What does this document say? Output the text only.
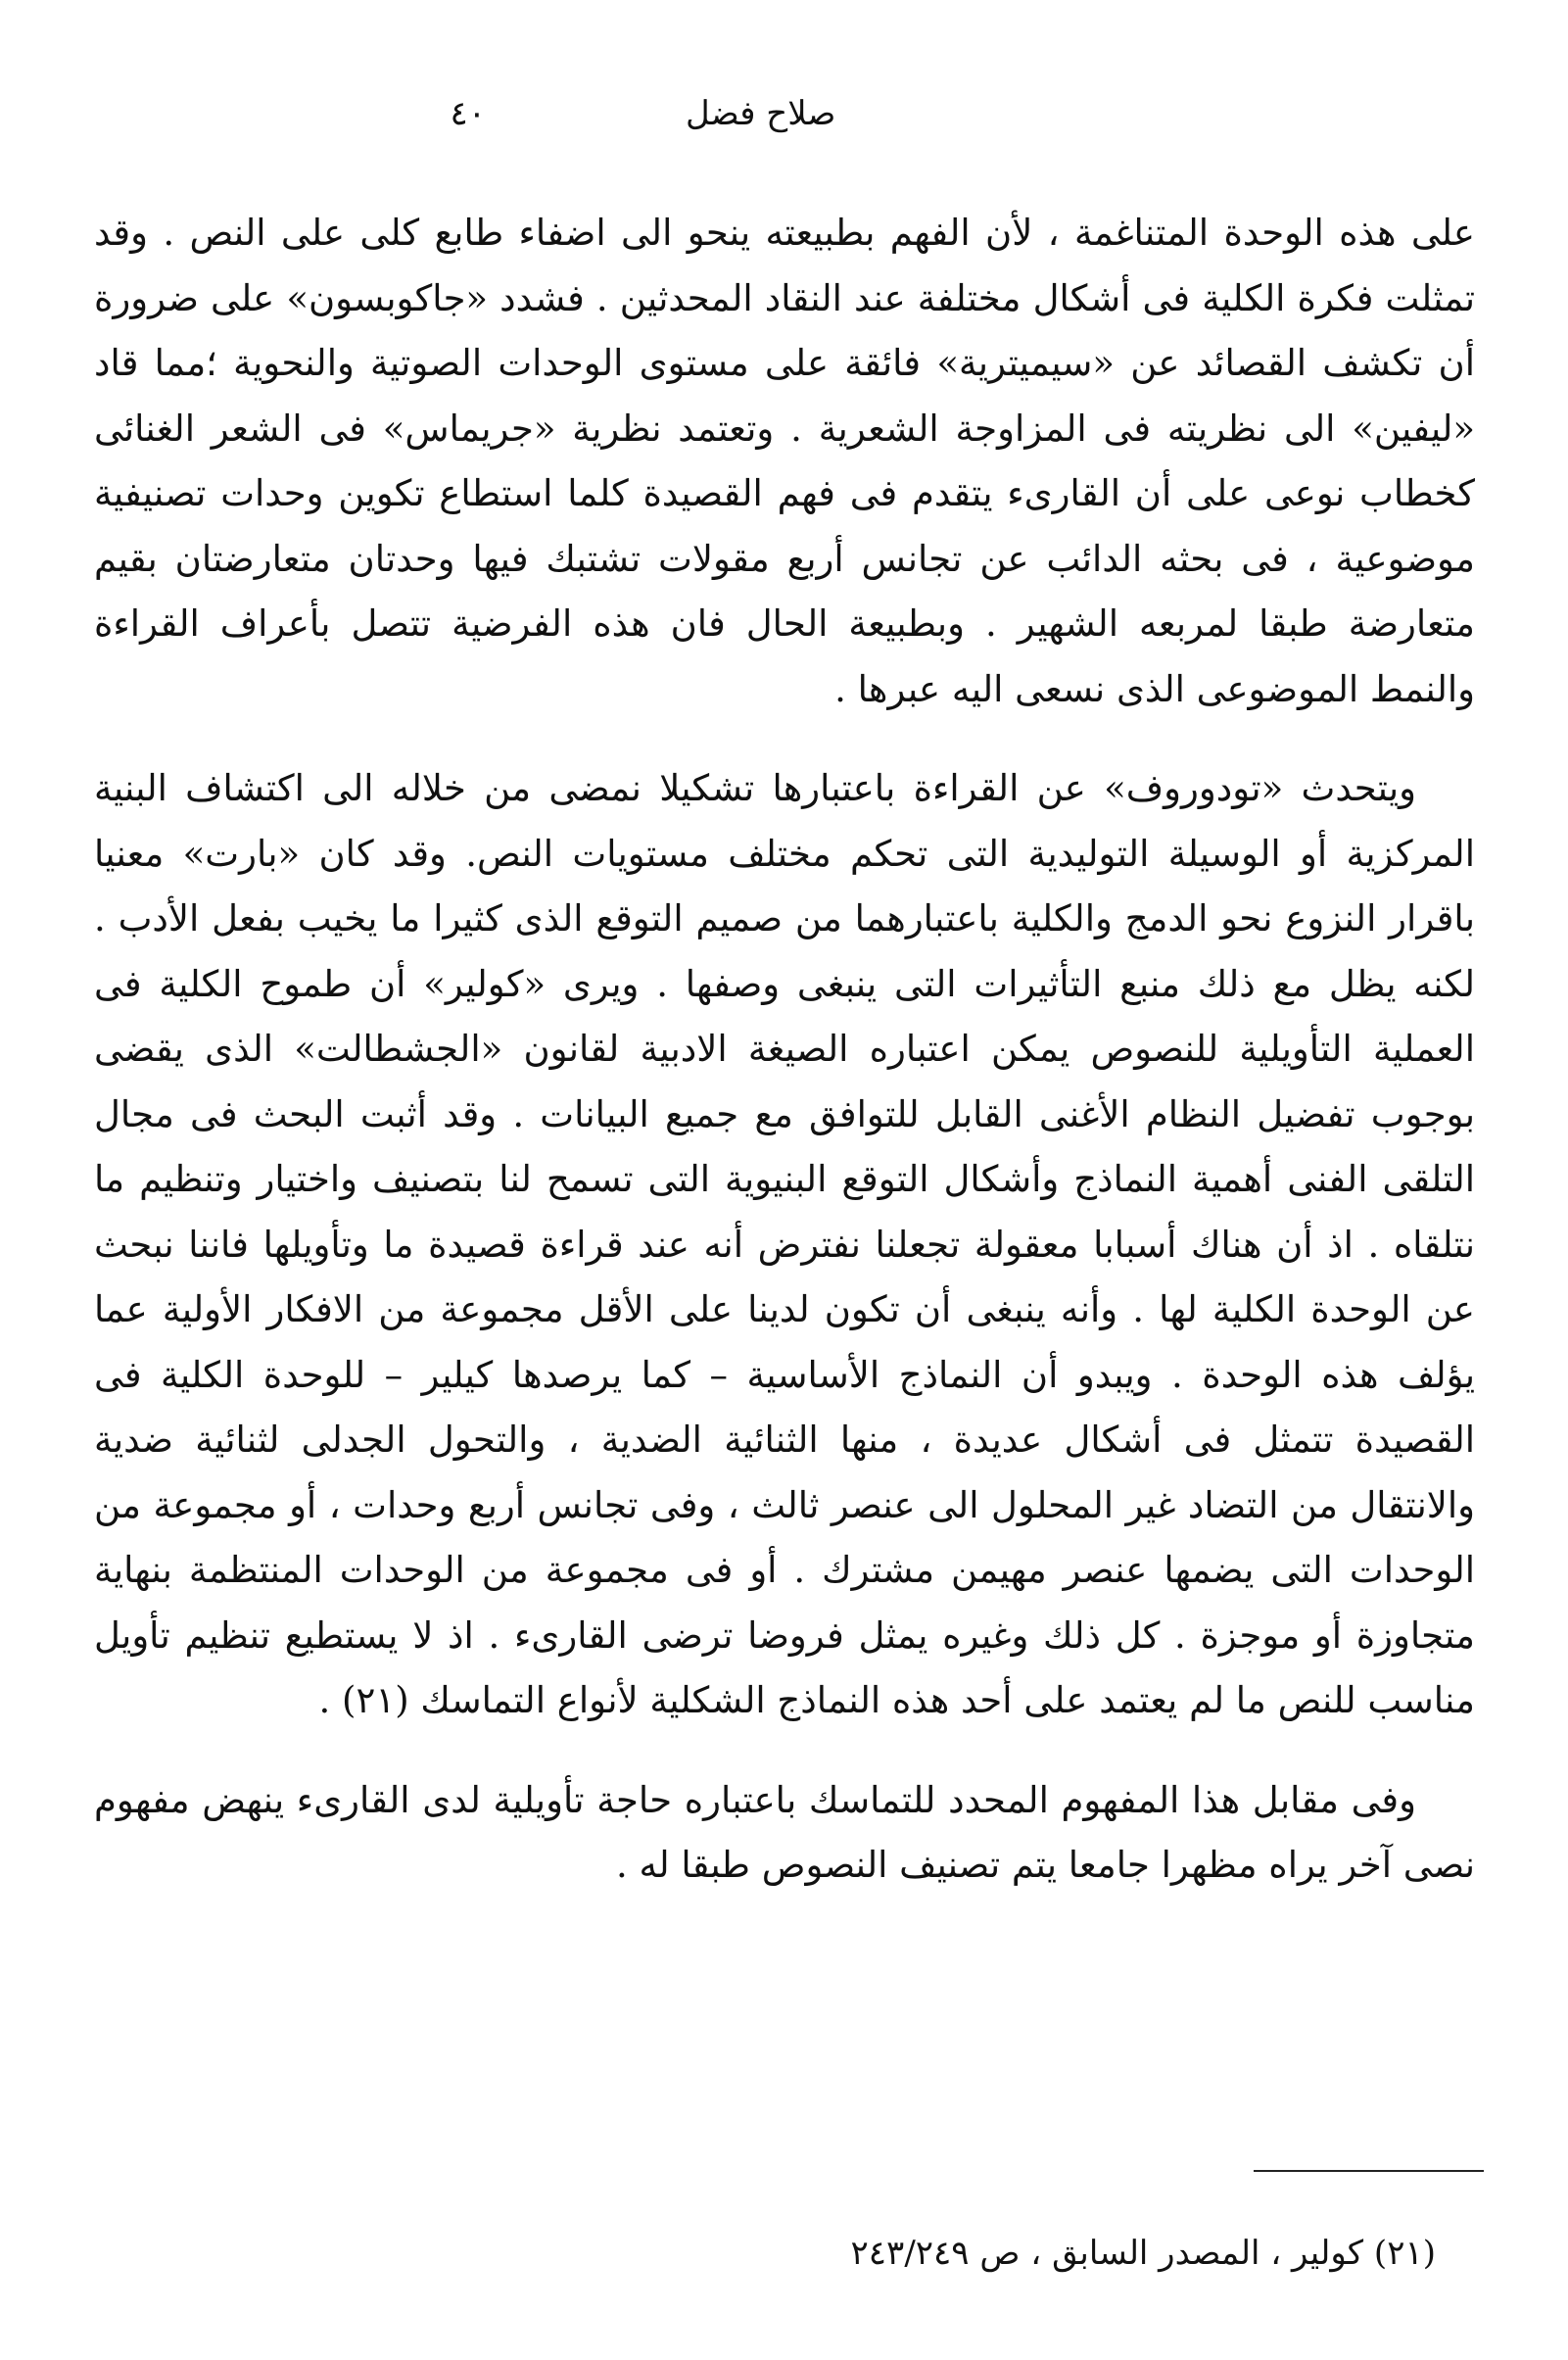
٤٠	صلاح فضل

على هذه الوحدة المتناغمة ، لأن الفهم بطبيعته ينحو الى اضفاء طابع كلى على النص . وقد تمثلت فكرة الكلية فى أشكال مختلفة عند النقاد المحدثين . فشدد «جاكوبسون» على ضرورة أن تكشف القصائد عن «سيميترية» فائقة على مستوى الوحدات الصوتية والنحوية ؛مما قاد «ليفين» الى نظريته فى المزاوجة الشعرية . وتعتمد نظرية «جريماس» فى الشعر الغنائى كخطاب نوعى على أن القارىء يتقدم فى فهم القصيدة كلما استطاع تكوين وحدات تصنيفية موضوعية ، فى بحثه الدائب عن تجانس أربع مقولات تشتبك فيها وحدتان متعارضتان بقيم متعارضة طبقا لمربعه الشهير . وبطبيعة الحال فان هذه الفرضية تتصل بأعراف القراءة والنمط الموضوعى الذى نسعى اليه عبرها .

ويتحدث «تودوروف» عن القراءة باعتبارها تشكيلا نمضى من خلاله الى اكتشاف البنية المركزية أو الوسيلة التوليدية التى تحكم مختلف مستويات النص. وقد كان «بارت» معنيا باقرار النزوع نحو الدمج والكلية باعتبارهما من صميم التوقع الذى كثيرا ما يخيب بفعل الأدب . لكنه يظل مع ذلك منبع التأثيرات التى ينبغى وصفها . ويرى «كولير» أن طموح الكلية فى العملية التأويلية للنصوص يمكن اعتباره الصيغة الادبية لقانون «الجشطالت» الذى يقضى بوجوب تفضيل النظام الأغنى القابل للتوافق مع جميع البيانات . وقد أثبت البحث فى مجال التلقى الفنى أهمية النماذج وأشكال التوقع البنيوية التى تسمح لنا بتصنيف واختيار وتنظيم ما نتلقاه . اذ أن هناك أسبابا معقولة تجعلنا نفترض أنه عند قراءة قصيدة ما وتأويلها فاننا نبحث عن الوحدة الكلية لها . وأنه ينبغى أن تكون لدينا على الأقل مجموعة من الافكار الأولية عما يؤلف هذه الوحدة . ويبدو أن النماذج الأساسية – كما يرصدها كيلير – للوحدة الكلية فى القصيدة تتمثل فى أشكال عديدة ، منها الثنائية الضدية ، والتحول الجدلى لثنائية ضدية والانتقال من التضاد غير المحلول الى عنصر ثالث ، وفى تجانس أربع وحدات ، أو مجموعة من الوحدات التى يضمها عنصر مهيمن مشترك . أو فى مجموعة من الوحدات المنتظمة بنهاية متجاوزة أو موجزة . كل ذلك وغيره يمثل فروضا ترضى القارىء . اذ لا يستطيع تنظيم تأويل مناسب للنص ما لم يعتمد على أحد هذه النماذج الشكلية لأنواع التماسك (٢١) .

وفى مقابل هذا المفهوم المحدد للتماسك باعتباره حاجة تأويلية لدى القارىء ينهض مفهوم نصى آخر يراه مظهرا جامعا يتم تصنيف النصوص طبقا له .

(٢١) كولير ، المصدر السابق ، ص ٢٤٣/٢٤٩
